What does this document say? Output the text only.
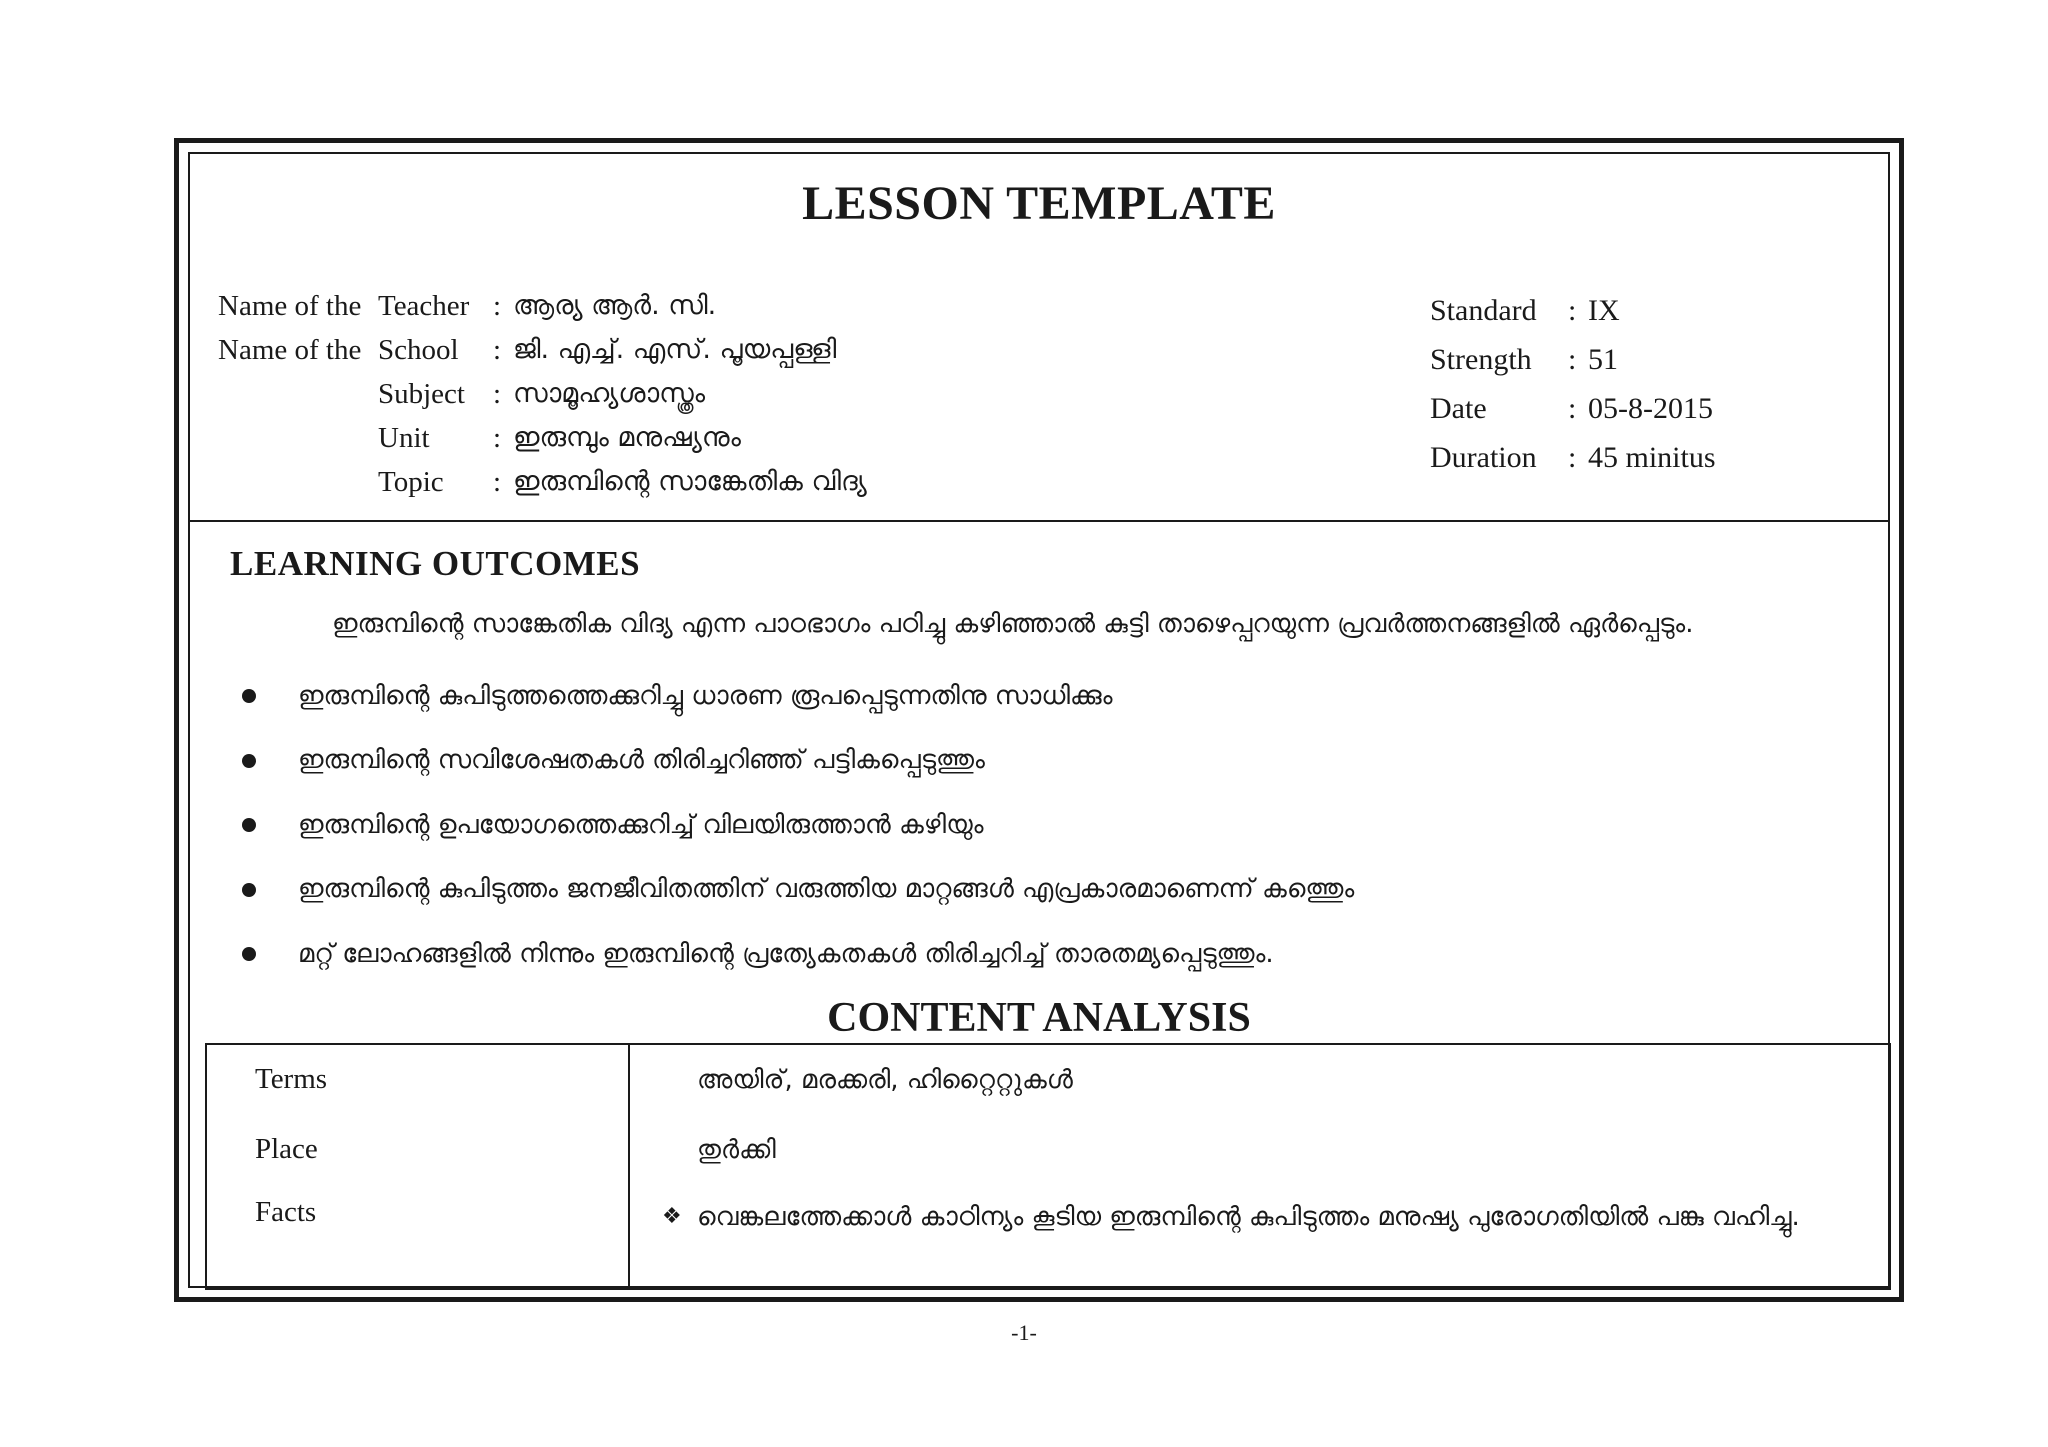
LESSON TEMPLATE
Name of the Teacher : ആര്യ ആർ. സി.
Name of the School	: ജി. എച്ച്. എസ്. പൂയപ്പള്ളി
Subject : സാമൂഹ്യശാസ്ത്രം
Unit	: ഇരുമ്പും മനുഷ്യനും
Topic	: ഇരുമ്പിന്റെ സാങ്കേതിക വിദ്യ
Standard	: IX
Strength	: 51
Date	: 05-8-2015
Duration	: 45 minitus
LEARNING OUTCOMES
ഇരുമ്പിന്റെ സാങ്കേതിക വിദ്യ എന്ന പാഠഭാഗം പഠിച്ചു കഴിഞ്ഞാൽ കുട്ടി താഴെപ്പറയുന്ന പ്രവർത്തനങ്ങളിൽ ഏർപ്പെടും.
ഇരുമ്പിന്റെ കുപിടുത്തത്തെക്കുറിച്ചു ധാരണ രൂപപ്പെടുന്നതിനു സാധിക്കും
ഇരുമ്പിന്റെ സവിശേഷതകൾ തിരിച്ചറിഞ്ഞ് പട്ടികപ്പെടുത്തും
ഇരുമ്പിന്റെ ഉപയോഗത്തെക്കുറിച്ച് വിലയിരുത്താൻ കഴിയും
ഇരുമ്പിന്റെ കുപിടുത്തം ജനജീവിതത്തിന് വരുത്തിയ മാറ്റങ്ങൾ എപ്രകാരമാണെന്ന് കത്തെും
മറ്റ് ലോഹങ്ങളിൽ നിന്നും ഇരുമ്പിന്റെ പ്രത്യേകതകൾ തിരിച്ചറിച്ച് താരതമ്യപ്പെടുത്തും.
CONTENT ANALYSIS
Terms	അയിര്, മരക്കരി, ഹിറ്റൈറ്റുകൾ
Place	തുർക്കി
Facts	❖ വെങ്കലത്തേക്കാൾ കാഠിന്യം കൂടിയ ഇരുമ്പിന്റെ കുപിടുത്തം മനുഷ്യ പുരോഗതിയിൽ പങ്കു വഹിച്ചു.
-1-
